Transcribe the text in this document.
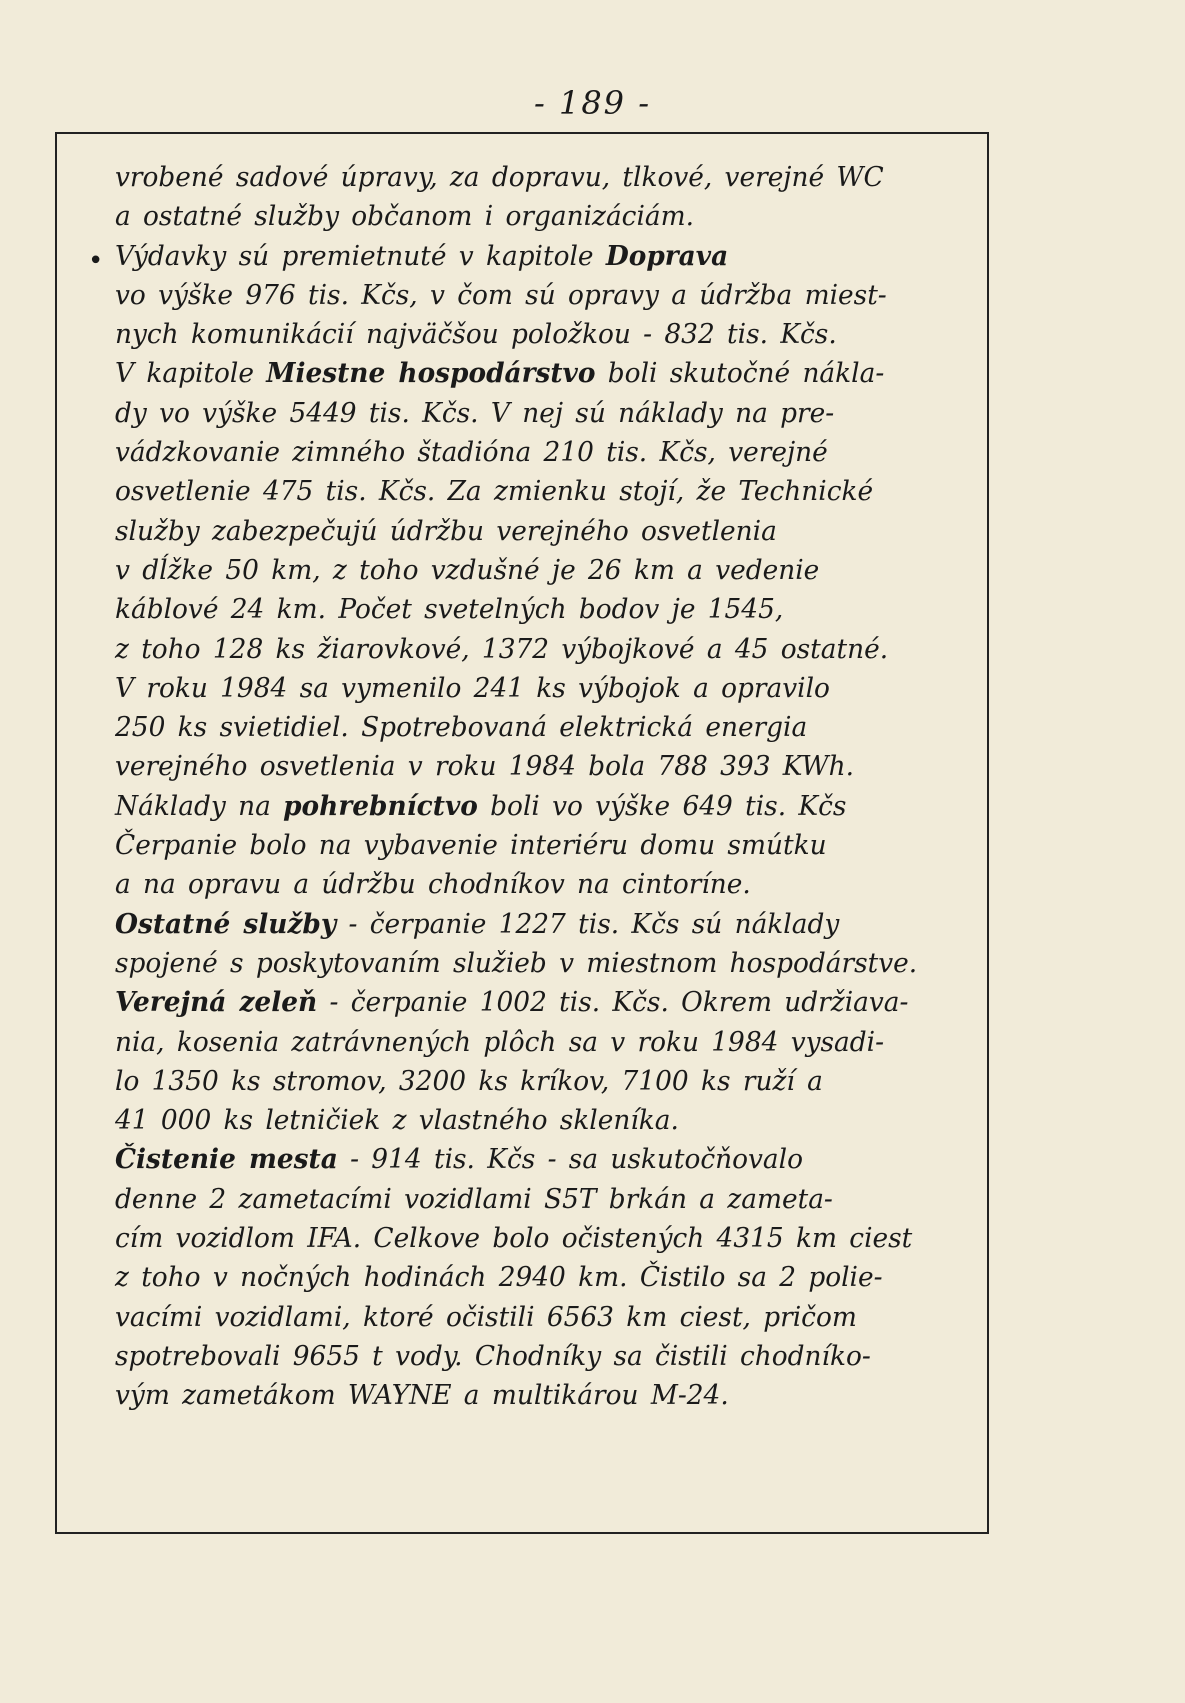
- 189 -
•
vrobené sadové úpravy, za dopravu, tlkové, verejné WC
a ostatné služby občanom i organizáciám.
Výdavky sú premietnuté v kapitole Doprava
vo výške 976 tis. Kčs, v čom sú opravy a údržba miest-
nych komunikácií najväčšou položkou - 832 tis. Kčs.
V kapitole Miestne hospodárstvo boli skutočné nákla-
dy vo výške 5449 tis. Kčs. V nej sú náklady na pre-
vádzkovanie zimného štadióna 210 tis. Kčs, verejné
osvetlenie 475 tis. Kčs. Za zmienku stojí, že Technické
služby zabezpečujú údržbu verejného osvetlenia
v dĺžke 50 km, z toho vzdušné je 26 km a vedenie
káblové 24 km. Počet svetelných bodov je 1545,
z toho 128 ks žiarovkové, 1372 výbojkové a 45 ostatné.
V roku 1984 sa vymenilo 241 ks výbojok a opravilo
250 ks svietidiel. Spotrebovaná elektrická energia
verejného osvetlenia v roku 1984 bola 788 393 KWh.
Náklady na pohrebníctvo boli vo výške 649 tis. Kčs
Čerpanie bolo na vybavenie interiéru domu smútku
a na opravu a údržbu chodníkov na cintoríne.
Ostatné služby - čerpanie 1227 tis. Kčs sú náklady
spojené s poskytovaním služieb v miestnom hospodárstve.
Verejná zeleň - čerpanie 1002 tis. Kčs. Okrem udržiava-
nia, kosenia zatrávnených plôch sa v roku 1984 vysadi-
lo 1350 ks stromov, 3200 ks kríkov, 7100 ks ruží a
41 000 ks letničiek z vlastného skleníka.
Čistenie mesta - 914 tis. Kčs - sa uskutočňovalo
denne 2 zametacími vozidlami S5T brkán a zameta-
cím vozidlom IFA. Celkove bolo očistených 4315 km ciest
z toho v nočných hodinách 2940 km. Čistilo sa 2 polie-
vacími vozidlami, ktoré očistili 6563 km ciest, pričom
spotrebovali 9655 t vody. Chodníky sa čistili chodníko-
vým zametákom WAYNE a multikárou M-24.
